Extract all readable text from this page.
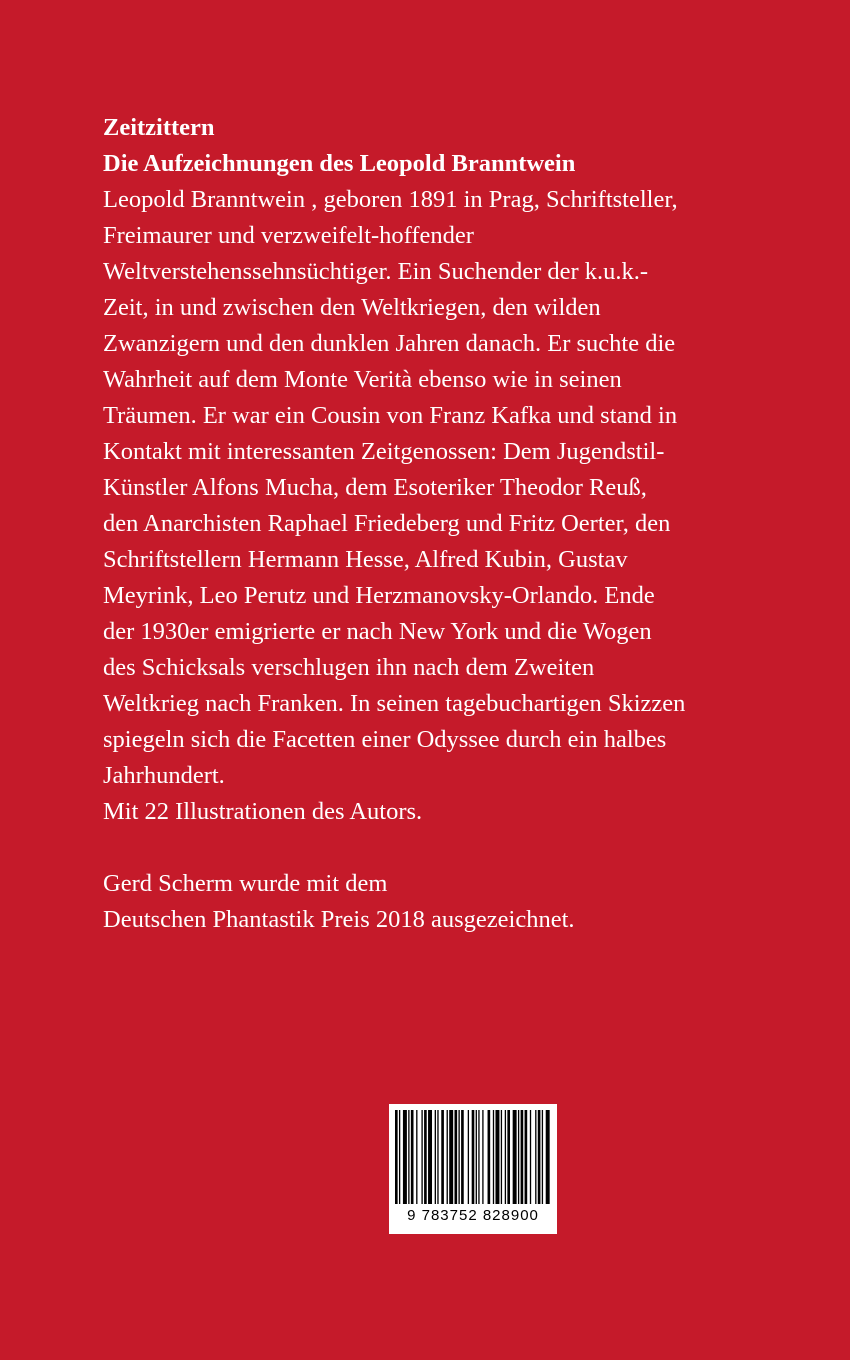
Zeitzittern

Die Aufzeichnungen des Leopold Branntwein

Leopold Branntwein , geboren 1891 in Prag, Schriftsteller,
Freimaurer und verzweifelt-hoffender
Weltverstehenssehnsüchtiger. Ein Suchender der k.u.k.-
Zeit, in und zwischen den Weltkriegen, den wilden
Zwanzigern und den dunklen Jahren danach. Er suchte die
Wahrheit auf dem Monte Verità ebenso wie in seinen
Träumen. Er war ein Cousin von Franz Kafka und stand in
Kontakt mit interessanten Zeitgenossen: Dem Jugendstil-
Künstler Alfons Mucha, dem Esoteriker Theodor Reuß,
den Anarchisten Raphael Friedeberg und Fritz Oerter, den
Schriftstellern Hermann Hesse, Alfred Kubin, Gustav
Meyrink, Leo Perutz und Herzmanovsky-Orlando. Ende
der 1930er emigrierte er nach New York und die Wogen
des Schicksals verschlugen ihn nach dem Zweiten
Weltkrieg nach Franken. In seinen tagebuchartigen Skizzen
spiegeln sich die Facetten einer Odyssee durch ein halbes
Jahrhundert.

Mit 22 Illustrationen des Autors.

Gerd Scherm wurde mit dem
Deutschen Phantastik Preis 2018 ausgezeichnet.

9 783752 828900
